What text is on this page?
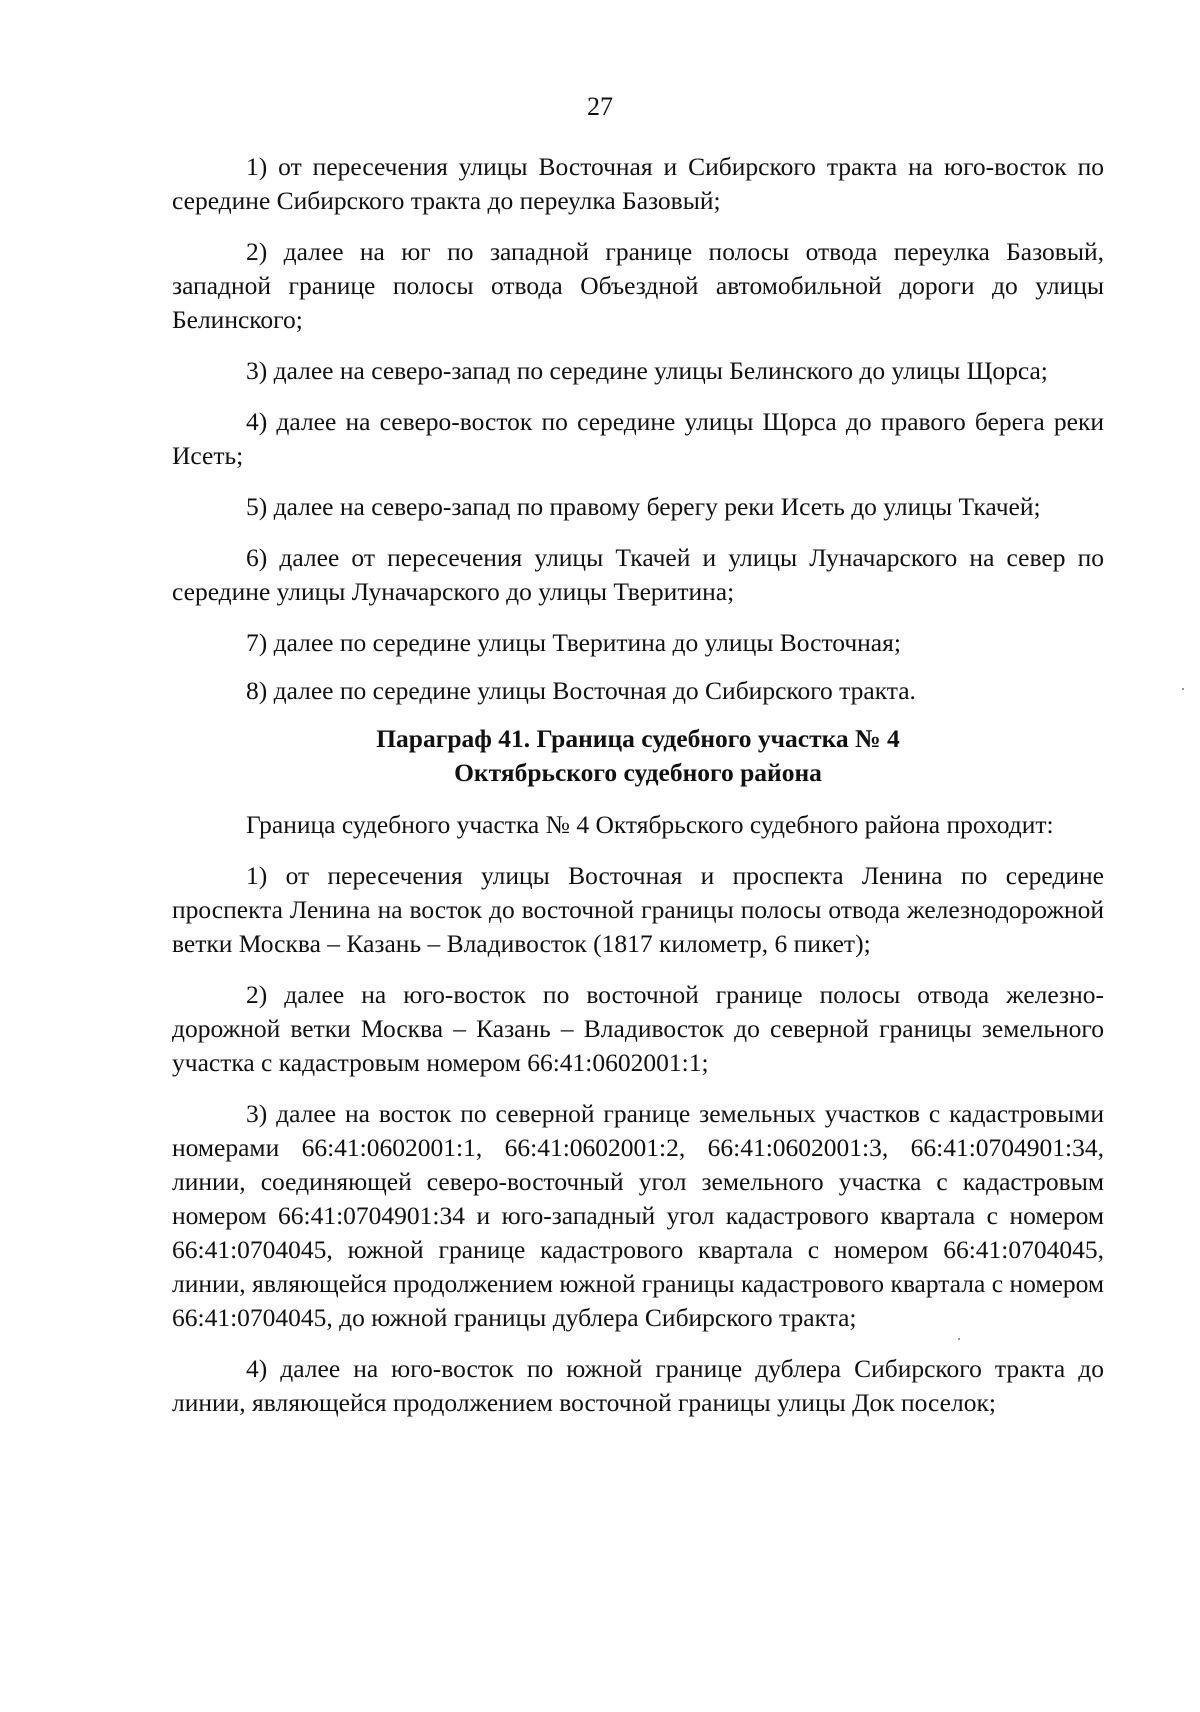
27

1) от пересечения улицы Восточная и Сибирского тракта на юго-восток по середине Сибирского тракта до переулка Базовый;

2) далее на юг по западной границе полосы отвода переулка Базовый, западной границе полосы отвода Объездной автомобильной дороги до улицы Белинского;

3) далее на северо-запад по середине улицы Белинского до улицы Щорса;

4) далее на северо-восток по середине улицы Щорса до правого берега реки Исеть;

5) далее на северо-запад по правому берегу реки Исеть до улицы Ткачей;

6) далее от пересечения улицы Ткачей и улицы Луначарского на север по середине улицы Луначарского до улицы Тверитина;

7) далее по середине улицы Тверитина до улицы Восточная;

8) далее по середине улицы Восточная до Сибирского тракта.

Параграф 41. Граница судебного участка № 4
Октябрьского судебного района

Граница судебного участка № 4 Октябрьского судебного района проходит:

1) от пересечения улицы Восточная и проспекта Ленина по середине проспекта Ленина на восток до восточной границы полосы отвода железнодорожной ветки Москва – Казань – Владивосток (1817 километр, 6 пикет);

2) далее на юго-восток по восточной границе полосы отвода железнодорожной ветки Москва – Казань – Владивосток до северной границы земельного участка с кадастровым номером 66:41:0602001:1;

3) далее на восток по северной границе земельных участков с кадастровыми номерами 66:41:0602001:1, 66:41:0602001:2, 66:41:0602001:3, 66:41:0704901:34, линии, соединяющей северо-восточный угол земельного участка с кадастровым номером 66:41:0704901:34 и юго-западный угол кадастрового квартала с номером 66:41:0704045, южной границе кадастрового квартала с номером 66:41:0704045, линии, являющейся продолжением южной границы кадастрового квартала с номером 66:41:0704045, до южной границы дублера Сибирского тракта;

4) далее на юго-восток по южной границе дублера Сибирского тракта до линии, являющейся продолжением восточной границы улицы Док поселок;
